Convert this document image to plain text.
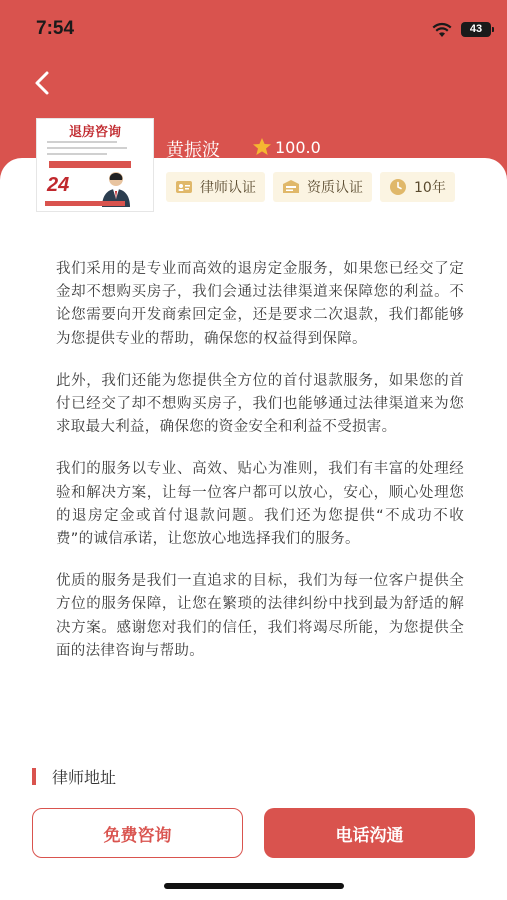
7:54	43
退房咨询
24
黄振波	100.0
律师认证	资质认证	10年

我们采用的是专业而高效的退房定金服务，如果您已经交了定金却不想购买房子，我们会通过法律渠道来保障您的利益。不论您需要向开发商索回定金，还是要求二次退款，我们都能够为您提供专业的帮助，确保您的权益得到保障。

此外，我们还能为您提供全方位的首付退款服务，如果您的首付已经交了却不想购买房子，我们也能够通过法律渠道来为您求取最大利益，确保您的资金安全和利益不受损害。

我们的服务以专业、高效、贴心为准则，我们有丰富的处理经验和解决方案，让每一位客户都可以放心，安心，顺心处理您的退房定金或首付退款问题。我们还为您提供“不成功不收费”的诚信承诺，让您放心地选择我们的服务。

优质的服务是我们一直追求的目标，我们为每一位客户提供全方位的服务保障，让您在繁琐的法律纠纷中找到最为舒适的解决方案。感谢您对我们的信任，我们将竭尽所能，为您提供全面的法律咨询与帮助。

律师地址
免费咨询	电话沟通
